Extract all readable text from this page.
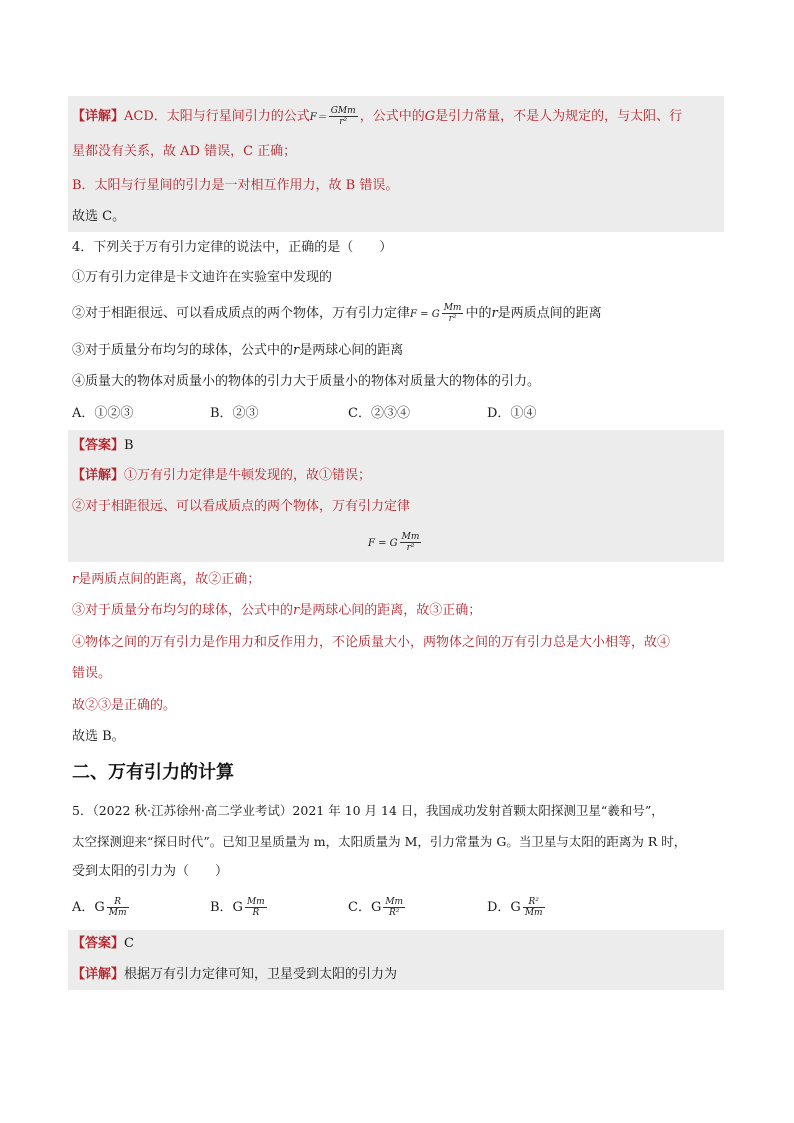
【详解】ACD．太阳与行星间引力的公式$F= \frac{\text{GMm}}{\text{r²}}$ ，公式中的G是引力常量，不是人为规定的，与太阳、行
星都没有关系，故 AD 错误，C 正确；
B．太阳与行星间的引力是一对相互作用力，故 B 错误。
故选 C。
4．下列关于万有引力定律的说法中，正确的是（　　）
①万有引力定律是卡文迪许在实验室中发现的
②对于相距很远、可以看成质点的两个物体，万有引力定律F = G $\frac{Mm}{\text{r²}}$ 中的r是两质点间的距离
③对于质量分布均匀的球体，公式中的r是两球心间的距离
④质量大的物体对质量小的物体的引力大于质量小的物体对质量大的物体的引力。
A．①②③	B．②③	C．②③④	D．①④
【答案】B
【详解】①万有引力定律是牛顿发现的，故①错误；
②对于相距很远、可以看成质点的两个物体，万有引力定律
F = G $\frac{Mm}{\text{r²}}$
r是两质点间的距离，故②正确；
③对于质量分布均匀的球体，公式中的r是两球心间的距离，故③正确；
④物体之间的万有引力是作用力和反作用力，不论质量大小，两物体之间的万有引力总是大小相等，故④
错误。
故②③是正确的。
故选 B。
二、万有引力的计算
5．（2022 秋·江苏徐州·高二学业考试）2021 年 10 月 14 日，我国成功发射首颗太阳探测卫星“羲和号”，
太空探测迎来“探日时代”。已知卫星质量为 m，太阳质量为 M，引力常量为 G。当卫星与太阳的距离为 R 时，
受到太阳的引力为（　　）
A．G $\frac{R}{Mm}$	B．G $\frac{Mm}{R}$	C．G $\frac{Mm}{\text{R²}}$	D．G $\frac{\text{R²}}{Mm}$
【答案】C
【详解】根据万有引力定律可知，卫星受到太阳的引力为
